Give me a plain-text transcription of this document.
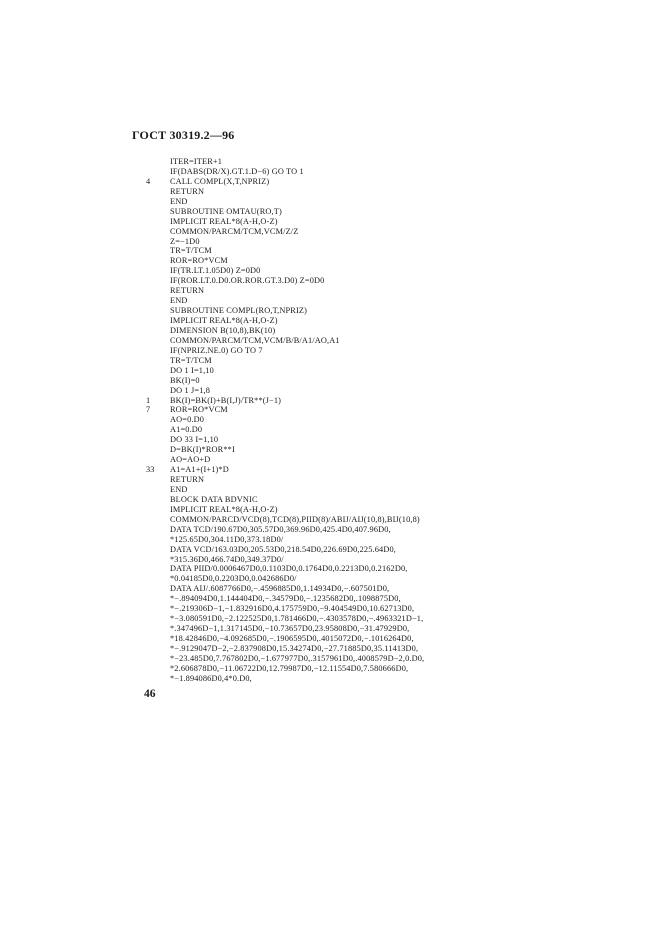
ГОСТ 30319.2—96
ITER=ITER+1
IF(DABS(DR/X).GT.1.D−6) GO TO 1
4 CALL COMPL(X,T,NPRIZ)
RETURN
END
SUBROUTINE OMTAU(RO,T)
IMPLICIT REAL*8(A-H,O-Z)
COMMON/PARCM/TCM,VCM/Z/Z
Z=−1D0
TR=T/TCM
ROR=RO*VCM
IF(TR.LT.1.05D0) Z=0D0
IF(ROR.LT.0.D0.OR.ROR.GT.3.D0) Z=0D0
RETURN
END
SUBROUTINE COMPL(RO,T,NPRIZ)
IMPLICIT REAL*8(A-H,O-Z)
DIMENSION B(10,8),BK(10)
COMMON/PARCM/TCM,VCM/B/B/A1/AO,A1
IF(NPRIZ.NE.0) GO TO 7
TR=T/TCM
DO 1 I=1,10
BK(I)=0
DO 1 J=1,8
1 BK(I)=BK(I)+B(I,J)/TR**(J−1)
7 ROR=RO*VCM
AO=0.D0
A1=0.D0
DO 33 I=1,10
D=BK(I)*ROR**I
AO=AO+D
33 A1=A1+(I+1)*D
RETURN
END
BLOCK DATA BDVNIC
IMPLICIT REAL*8(A-H,O-Z)
COMMON/PARCD/VCD(8),TCD(8),PIID(8)/ABIJ/AIJ(10,8),BIJ(10,8)
DATA TCD/190.67D0,305.57D0,369.96D0,425.4D0,407.96D0,
*125.65D0,304.11D0,373.18D0/
DATA VCD/163.03D0,205.53D0,218.54D0,226.69D0,225.64D0,
*315.36D0,466.74D0,349.37D0/
DATA PIID/0.0006467D0,0.1103D0,0.1764D0,0.2213D0,0.2162D0,
*0.04185D0,0.2203D0,0.042686D0/
DATA AIJ/.6087766D0,−.4596885D0,1.14934D0,−.607501D0,
*−.894094D0,1.144404D0,−.34579D0,−.1235682D0,.1098875D0,
*−.219306D−1,−1.832916D0,4.175759D0,−9.404549D0,10.62713D0,
*−3.080591D0,−2.122525D0,1.781466D0,−.4303578D0,−.4963321D−1,
*.347496D−1,1.317145D0,−10.73657D0,23.95808D0,−31.47929D0,
*18.42846D0,−4.092685D0,−.1906595D0,.4015072D0,−.1016264D0,
*−.9129047D−2,−2.837908D0,15.34274D0,−27.71885D0,35.11413D0,
*−23.485D0,7.767802D0,−1.677977D0,.3157961D0,.4008579D−2,0.D0,
*2.606878D0,−11.06722D0,12.79987D0,−12.11554D0,7.580666D0,
*−1.894086D0,4*0.D0,
46
